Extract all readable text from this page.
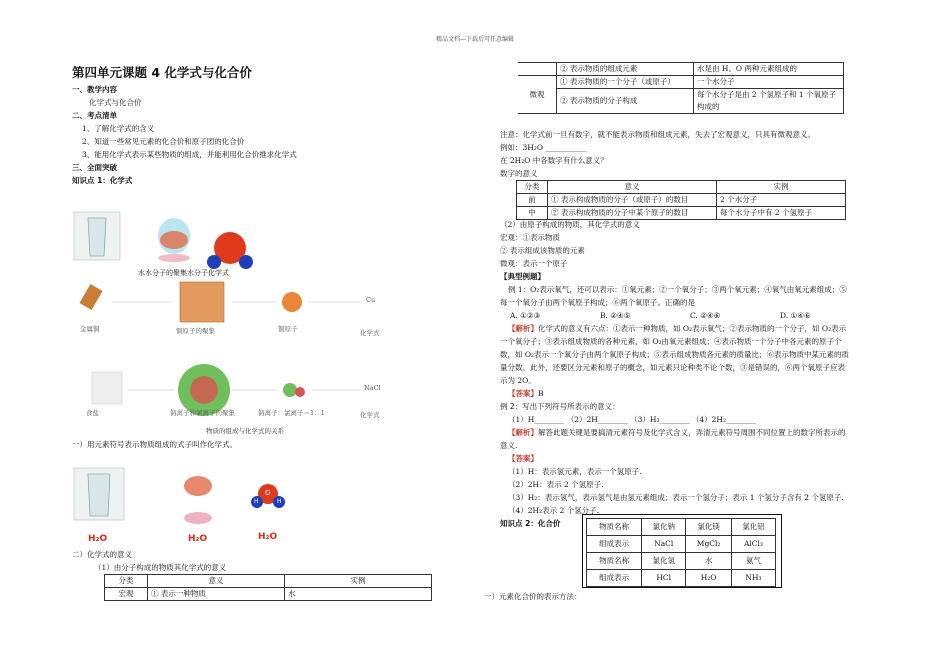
精品文档---下载后可任意编辑
第四单元课题 4 化学式与化合价
一、教学内容
化学式与化合价
二、考点清单
1、了解化学式的含义
2、知道一些常见元素的化合价和原子团的化合价
3、能用化学式表示某些物质的组成，并能利用化合价推求化学式
三、全面突破
知识点 1：化学式
水水分子的聚集水分子化学式
金属铜	铜原子的聚集	铜原子
Cu
化学式
食盐	钠离子和氯离子的聚集	钠离子：氯离子＝1：1
NaCl
化学式
物质的组成与化学式的关系
一）用元素符号表示物质组成的式子叫作化学式。
O
H	H
H₂O	H₂O	H₂O
二）化学式的意义
（1）由分子构成的物质其化学式的意义
分类	意义	实例
宏观	① 表示一种物质	水
	② 表示物质的组成元素	水是由 H、O 两种元素组成的
微观	① 表示物质的一个分子（或原子）	一个水分子
	② 表示物质的分子构成	每个水分子是由 2 个氢原子和 1 个氧原子构成的
注意：化学式前一旦有数字，就不能表示物质和组成元素，失去了宏观意义，只具有微观意义。
例如：3H₂O ___________
在 2H₂O 中各数字有什么意义？
数字的意义
分类	意义	实例
前	① 表示构成物质的分子（或原子）的数目	2 个水分子
中	② 表示构成物质的分子中某个原子的数目	每个水分子中有 2 个氢原子
（2）由原子构成的物质，其化学式的意义
宏观：①表示物质
② 表示组成该物质的元素
微观：表示一个原子
【典型例题】
例 1：O₂表示氧气，还可以表示：①氧元素；②一个氧分子；③两个氧元素；④氧气由氧元素组成；⑤每一个氧分子由两个氧原子构成；⑥两个氧原子。正确的是
A. ①②③	B. ②④⑤	C. ②④⑥	D. ①④⑥
【解析】化学式的意义有六点：①表示一种物质，如 O₂表示氧气；②表示物质的一个分子，如 O₂表示一个氧分子；③表示组成物质的各种元素，如 O₂由氧元素组成；④表示物质一个分子中各元素的原子个数，如 O₂表示一个氧分子由两个氧原子构成；⑤表示组成物质各元素的质量比；⑥表示物质中某元素的质量分数。此外，还要区分元素和原子的概念，如元素只论种类不论个数，③是错误的，⑥两个氧原子应表示为 2O。
【答案】B
例 2：写出下列符号所表示的意义：
（1）H________ （2）2H________ （3）H₂________ （4）2H₂________
【解析】解答此题关键是要搞清元素符号及化学式含义，弄清元素符号周围不同位置上的数字所表示的意义.
【答案】
（1）H：表示氢元素，表示一个氢原子.
（2）2H：表示 2 个氢原子.
（3）H₂：表示氢气，表示氢气是由氢元素组成；表示一个氢分子；表示 1 个氢分子含有 2 个氢原子.
（4）2H₂表示 2 个氢分子.
知识点 2：化合价	物质名称	氯化钠	氯化镁	氯化铝
组成表示	NaCl	MgCl₂	AlCl₃
物质名称	氯化氢	水	氨气
组成表示	HCl	H₂O	NH₃
一）元素化合价的表示方法：
